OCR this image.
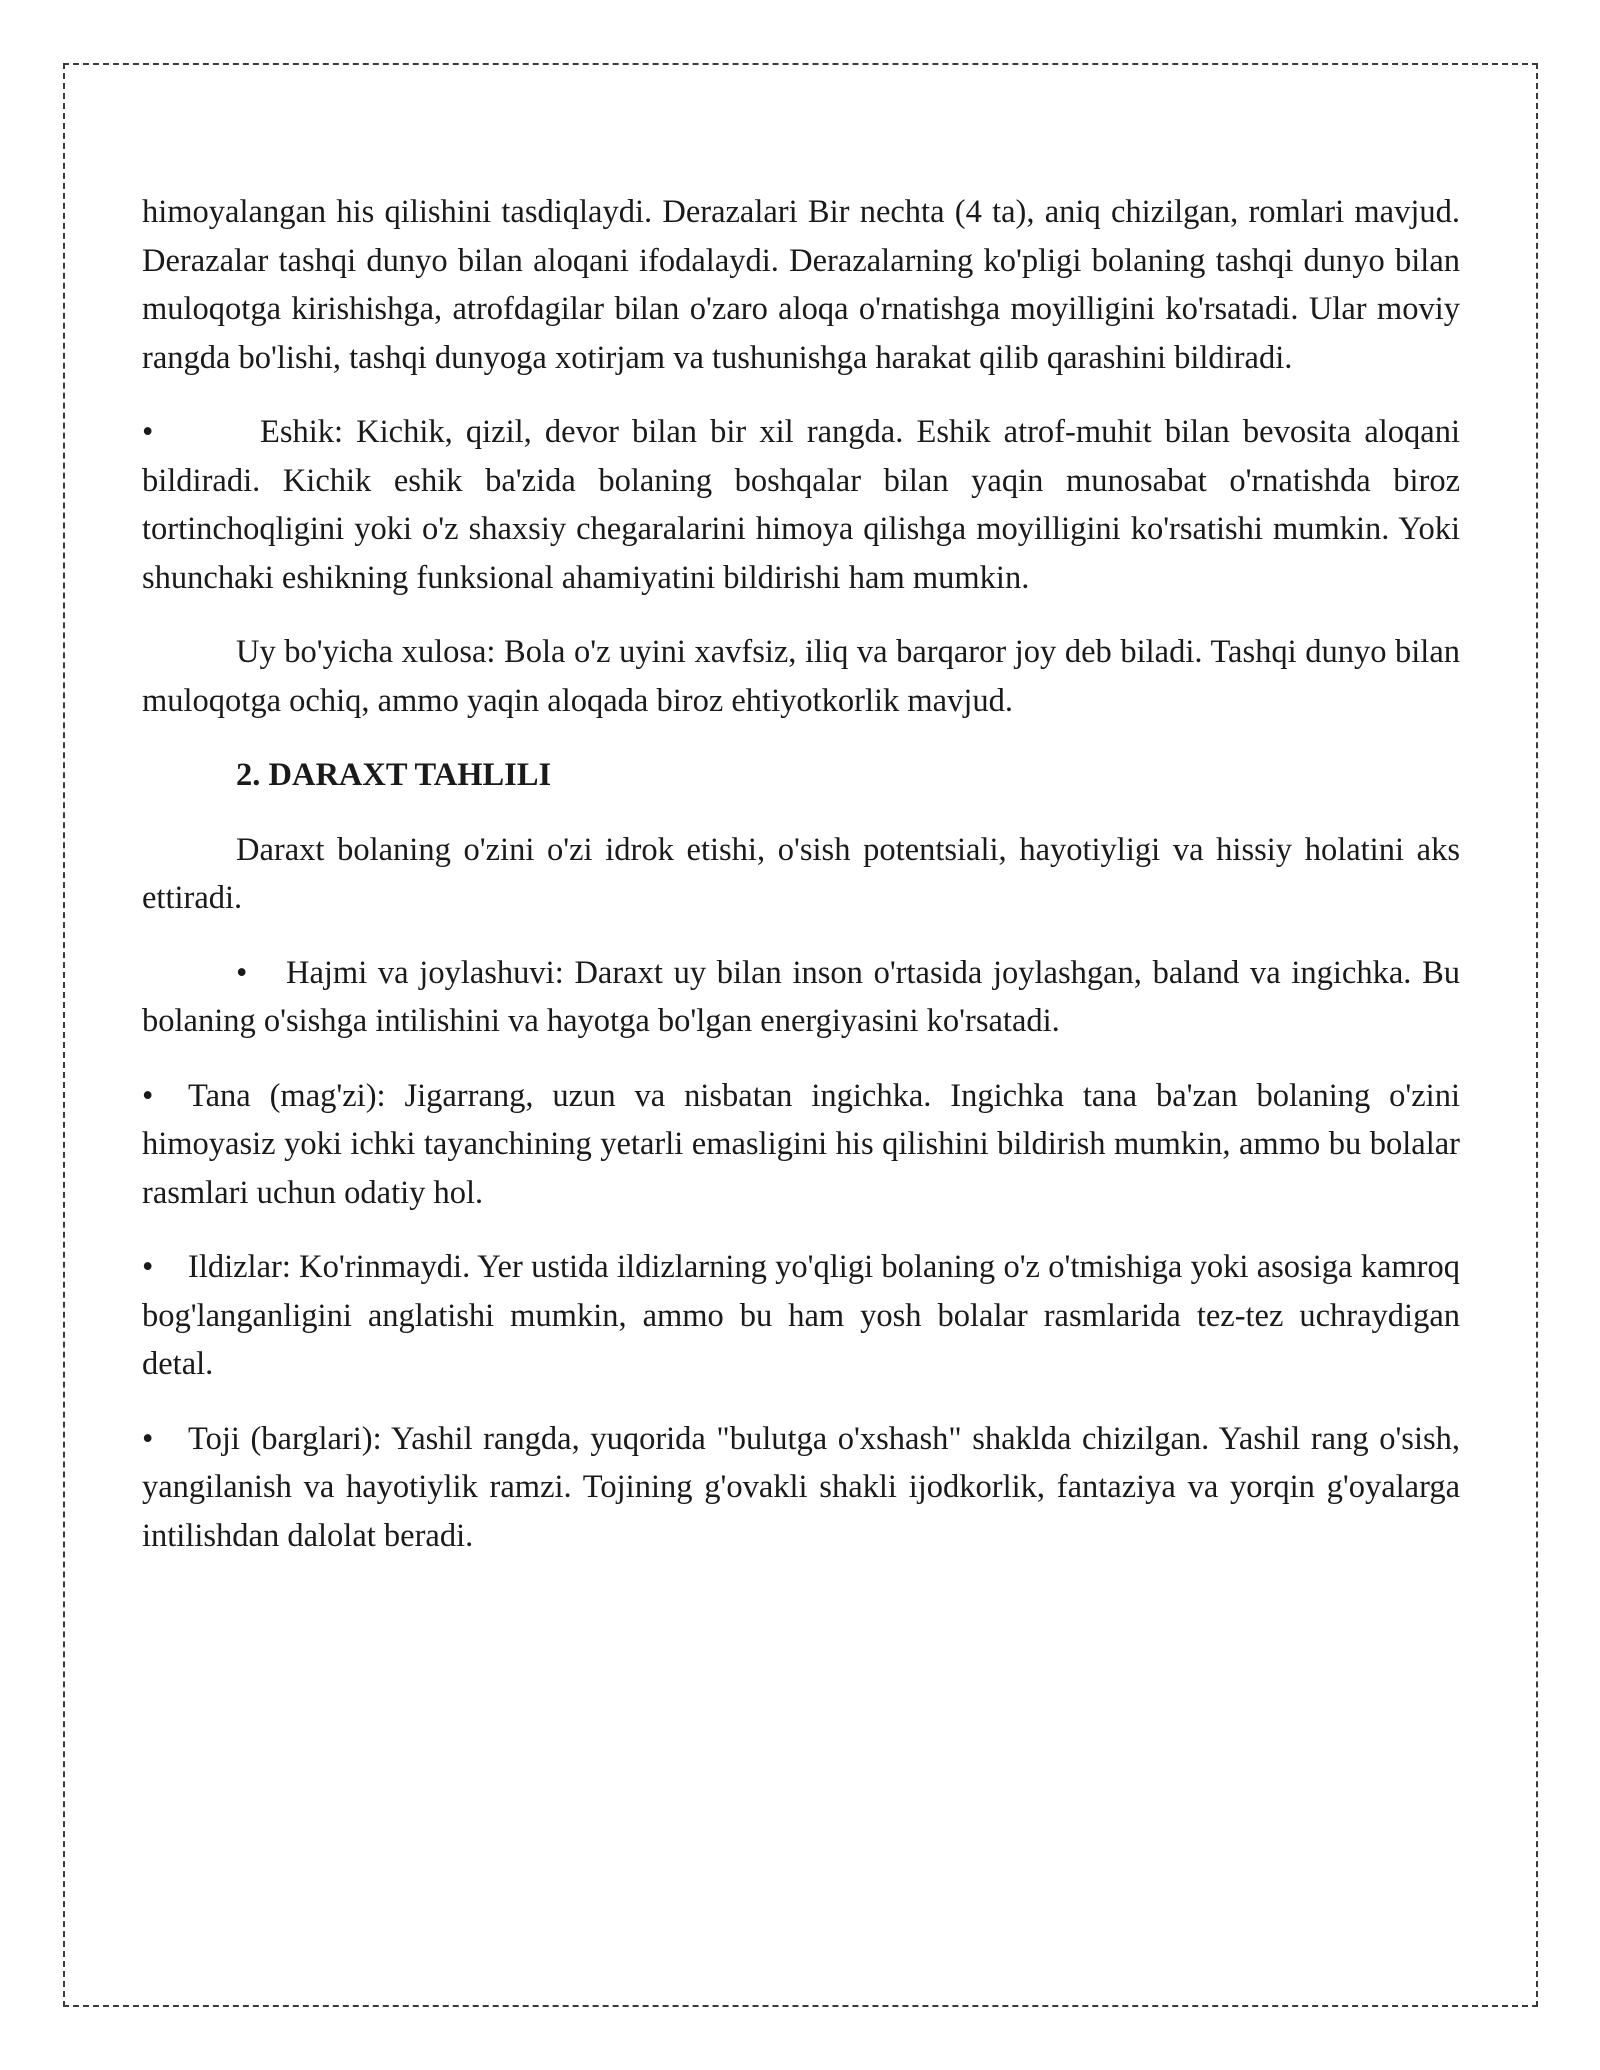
himoyalangan his qilishini tasdiqlaydi. Derazalari Bir nechta (4 ta), aniq chizilgan, romlari mavjud. Derazalar tashqi dunyo bilan aloqani ifodalaydi. Derazalarning ko'pligi bolaning tashqi dunyo bilan muloqotga kirishishga, atrofdagilar bilan o'zaro aloqa o'rnatishga moyilligini ko'rsatadi. Ular moviy rangda bo'lishi, tashqi dunyoga xotirjam va tushunishga harakat qilib qarashini bildiradi.

•	Eshik: Kichik, qizil, devor bilan bir xil rangda. Eshik atrof-muhit bilan bevosita aloqani bildiradi. Kichik eshik ba'zida bolaning boshqalar bilan yaqin munosabat o'rnatishda biroz tortinchoqligini yoki o'z shaxsiy chegaralarini himoya qilishga moyilligini ko'rsatishi mumkin. Yoki shunchaki eshikning funksional ahamiyatini bildirishi ham mumkin.

Uy bo'yicha xulosa: Bola o'z uyini xavfsiz, iliq va barqaror joy deb biladi. Tashqi dunyo bilan muloqotga ochiq, ammo yaqin aloqada biroz ehtiyotkorlik mavjud.

2. DARAXT TAHLILI

Daraxt bolaning o'zini o'zi idrok etishi, o'sish potentsiali, hayotiyligi va hissiy holatini aks ettiradi.

• Hajmi va joylashuvi: Daraxt uy bilan inson o'rtasida joylashgan, baland va ingichka. Bu bolaning o'sishga intilishini va hayotga bo'lgan energiyasini ko'rsatadi.

• Tana (mag'zi): Jigarrang, uzun va nisbatan ingichka. Ingichka tana ba'zan bolaning o'zini himoyasiz yoki ichki tayanchining yetarli emasligini his qilishini bildirish mumkin, ammo bu bolalar rasmlari uchun odatiy hol.

• Ildizlar: Ko'rinmaydi. Yer ustida ildizlarning yo'qligi bolaning o'z o'tmishiga yoki asosiga kamroq bog'langanligini anglatishi mumkin, ammo bu ham yosh bolalar rasmlarida tez-tez uchraydigan detal.

• Toji (barglari): Yashil rangda, yuqorida "bulutga o'xshash" shaklda chizilgan. Yashil rang o'sish, yangilanish va hayotiylik ramzi. Tojining g'ovakli shakli ijodkorlik, fantaziya va yorqin g'oyalarga intilishdan dalolat beradi.
